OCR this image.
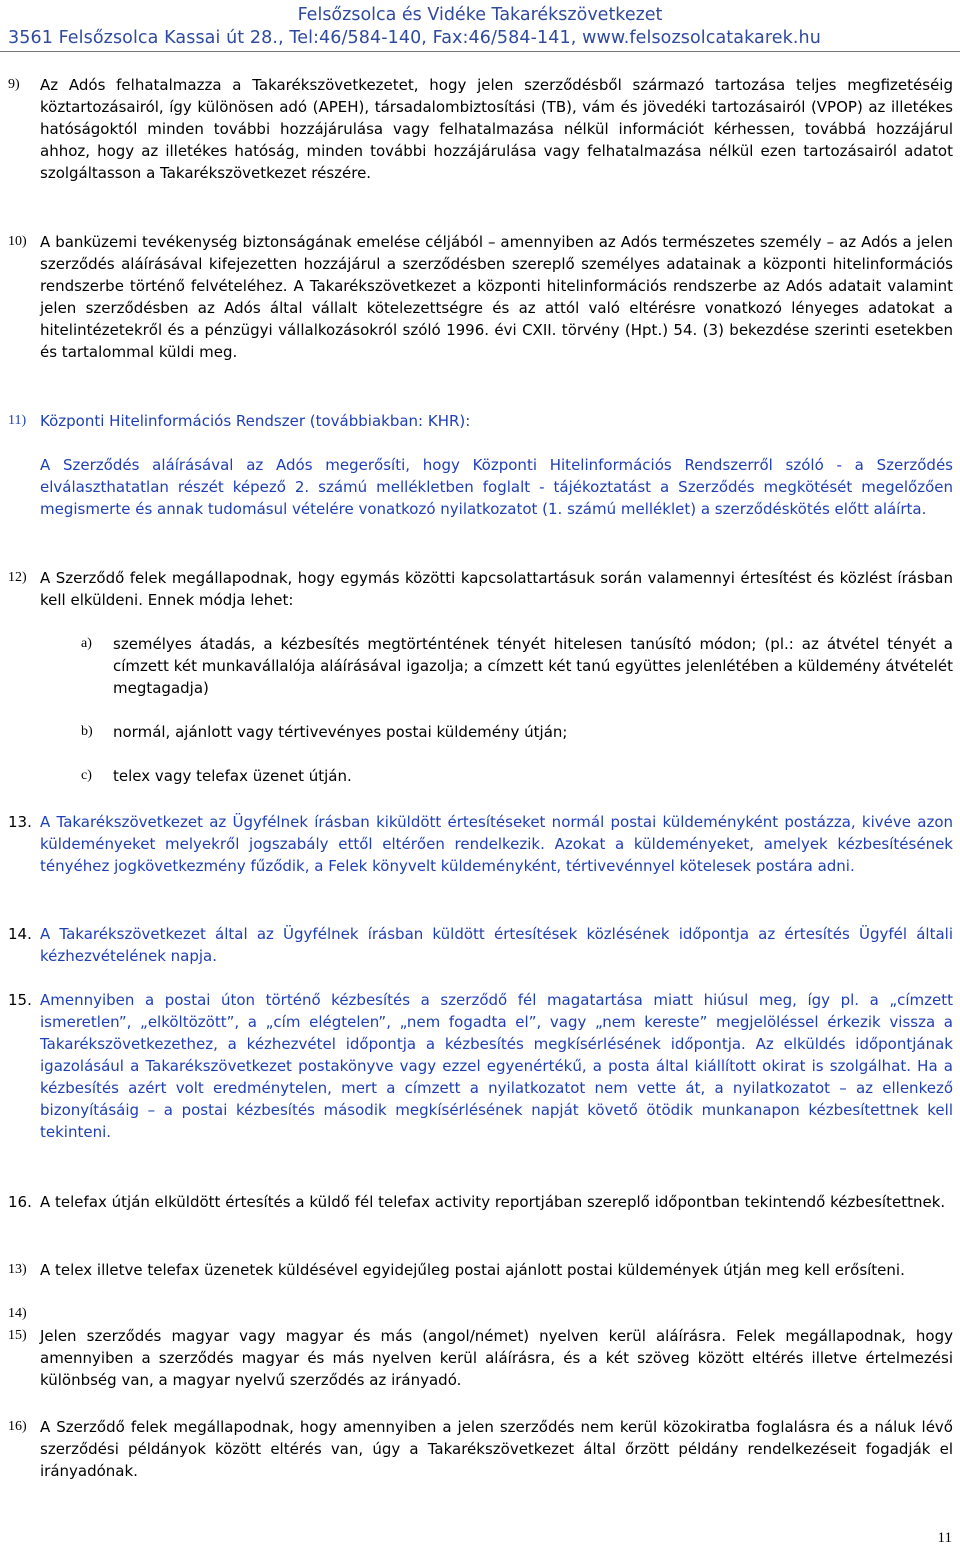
Felsőzsolca és Vidéke Takarékszövetkezet
3561 Felsőzsolca Kassai út 28., Tel:46/584-140, Fax:46/584-141, www.felsozsolcatakarek.hu
9) Az Adós felhatalmazza a Takarékszövetkezetet, hogy jelen szerződésből származó tartozása teljes megfizetéséig köztartozásairól, így különösen adó (APEH), társadalombiztosítási (TB), vám és jövedéki tartozásairól (VPOP) az illetékes hatóságoktól minden további hozzájárulása vagy felhatalmazása nélkül információt kérhessen, továbbá hozzájárul ahhoz, hogy az illetékes hatóság, minden további hozzájárulása vagy felhatalmazása nélkül ezen tartozásairól adatot szolgáltasson a Takarékszövetkezet részére.
10) A banküzemi tevékenység biztonságának emelése céljából – amennyiben az Adós természetes személy – az Adós a jelen szerződés aláírásával kifejezetten hozzájárul a szerződésben szereplő személyes adatainak a központi hitelinformációs rendszerbe történő felvételéhez. A Takarékszövetkezet a központi hitelinformációs rendszerbe az Adós adatait valamint jelen szerződésben az Adós által vállalt kötelezettségre és az attól való eltérésre vonatkozó lényeges adatokat a hitelintézetekről és a pénzügyi vállalkozásokról szóló 1996. évi CXII. törvény (Hpt.) 54. (3) bekezdése szerinti esetekben és tartalommal küldi meg.
11) Központi Hitelinformációs Rendszer (továbbiakban: KHR):
A Szerződés aláírásával az Adós megerősíti, hogy Központi Hitelinformációs Rendszerről szóló - a Szerződés elválaszthatatlan részét képező 2. számú mellékletben foglalt - tájékoztatást a Szerződés megkötését megelőzően megismerte és annak tudomásul vételére vonatkozó nyilatkozatot (1. számú melléklet) a szerződéskötés előtt aláírta.
12) A Szerződő felek megállapodnak, hogy egymás közötti kapcsolattartásuk során valamennyi értesítést és közlést írásban kell elküldeni. Ennek módja lehet:
a) személyes átadás, a kézbesítés megtörténtének tényét hitelesen tanúsító módon; (pl.: az átvétel tényét a címzett két munkavállalója aláírásával igazolja; a címzett két tanú együttes jelenlétében a küldemény átvételét megtagadja)
b) normál, ajánlott vagy tértivevényes postai küldemény útján;
c) telex vagy telefax üzenet útján.
13. A Takarékszövetkezet az Ügyfélnek írásban kiküldött értesítéseket normál postai küldeményként postázza, kivéve azon küldeményeket melyekről jogszabály ettől eltérően rendelkezik. Azokat a küldeményeket, amelyek kézbesítésének tényéhez jogkövetkezmény fűződik, a Felek könyvelt küldeményként, tértivevénnyel kötelesek postára adni.
14. A Takarékszövetkezet által az Ügyfélnek írásban küldött értesítések közlésének időpontja az értesítés Ügyfél általi kézhezvételének napja.
15. Amennyiben a postai úton történő kézbesítés a szerződő fél magatartása miatt hiúsul meg, így pl. a „címzett ismeretlen”, „elköltözött”, a „cím elégtelen”, „nem fogadta el”, vagy „nem kereste” megjelöléssel érkezik vissza a Takarékszövetkezethez, a kézhezvétel időpontja a kézbesítés megkísérlésének időpontja. Az elküldés időpontjának igazolásául a Takarékszövetkezet postakönyve vagy ezzel egyenértékű, a posta által kiállított okirat is szolgálhat. Ha a kézbesítés azért volt eredménytelen, mert a címzett a nyilatkozatot nem vette át, a nyilatkozatot – az ellenkező bizonyításáig – a postai kézbesítés második megkísérlésének napját követő ötödik munkanapon kézbesítettnek kell tekinteni.
16. A telefax útján elküldött értesítés a küldő fél telefax activity reportjában szereplő időpontban tekintendő kézbesítettnek.
13) A telex illetve telefax üzenetek küldésével egyidejűleg postai ajánlott postai küldemények útján meg kell erősíteni.
14)
15) Jelen szerződés magyar vagy magyar és más (angol/német) nyelven kerül aláírásra. Felek megállapodnak, hogy amennyiben a szerződés magyar és más nyelven kerül aláírásra, és a két szöveg között eltérés illetve értelmezési különbség van, a magyar nyelvű szerződés az irányadó.
16) A Szerződő felek megállapodnak, hogy amennyiben a jelen szerződés nem kerül közokiratba foglalásra és a náluk lévő szerződési példányok között eltérés van, úgy a Takarékszövetkezet által őrzött példány rendelkezéseit fogadják el irányadónak.
11
